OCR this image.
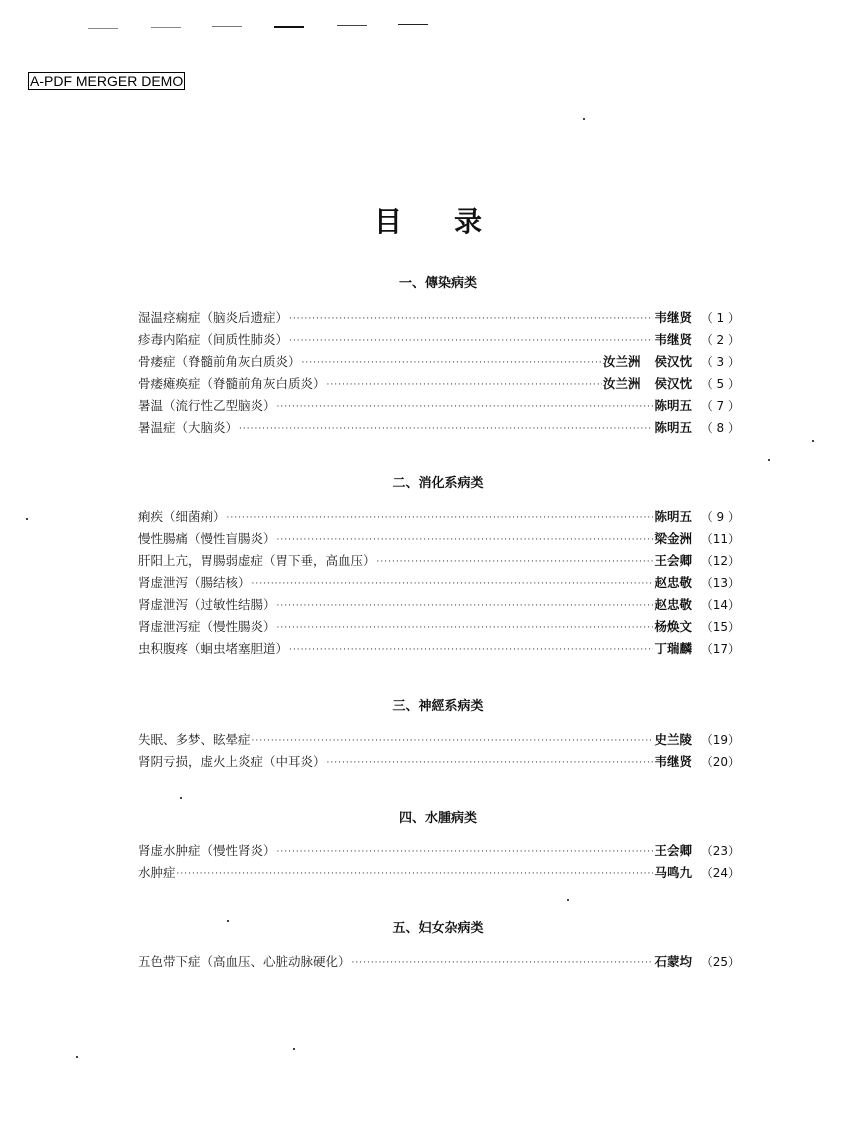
A-PDF MERGER DEMO
目录
一、傳染病类
湿温痉痫症（脑炎后遗症） ·····	韦继贤 （ 1 ）
疹毒内陷症（间质性肺炎） ·····	韦继贤 （ 2 ）
骨痿症（脊髓前角灰白质炎） ·····	汝兰洲 侯汉忱 （ 3 ）
骨痿瘫痪症（脊髓前角灰白质炎） ·····	汝兰洲 侯汉忱 （ 5 ）
暑温（流行性乙型脑炎） ·····	陈明五 （ 7 ）
暑温症（大脑炎） ·····	陈明五 （ 8 ）
二、消化系病类
痢疾（细菌痢） ·····	陈明五 （ 9 ）
慢性腸痛（慢性盲腸炎） ·····	梁金洲 （11）
肝阳上亢，胃腸弱虚症（胃下垂，高血压） ·····	王会卿 （12）
肾虚泄泻（腸结核） ·····	赵忠敬 （13）
肾虚泄泻（过敏性结腸） ·····	赵忠敬 （14）
肾虚泄泻症（慢性腸炎） ·····	杨焕文 （15）
虫积腹疼（蛔虫堵塞胆道） ·····	丁瑞麟 （17）
三、神經系病类
失眠、多梦、眩晕症 ·····	史兰陵 （19）
肾阴亏损，虚火上炎症（中耳炎） ·····	韦继贤 （20）
四、水腫病类
肾虚水肿症（慢性肾炎） ·····	王会卿 （23）
水肿症 ·····	马鸣九 （24）
五、妇女杂病类
五色带下症（高血压、心脏动脉硬化） ·····	石蒙均 （25）
